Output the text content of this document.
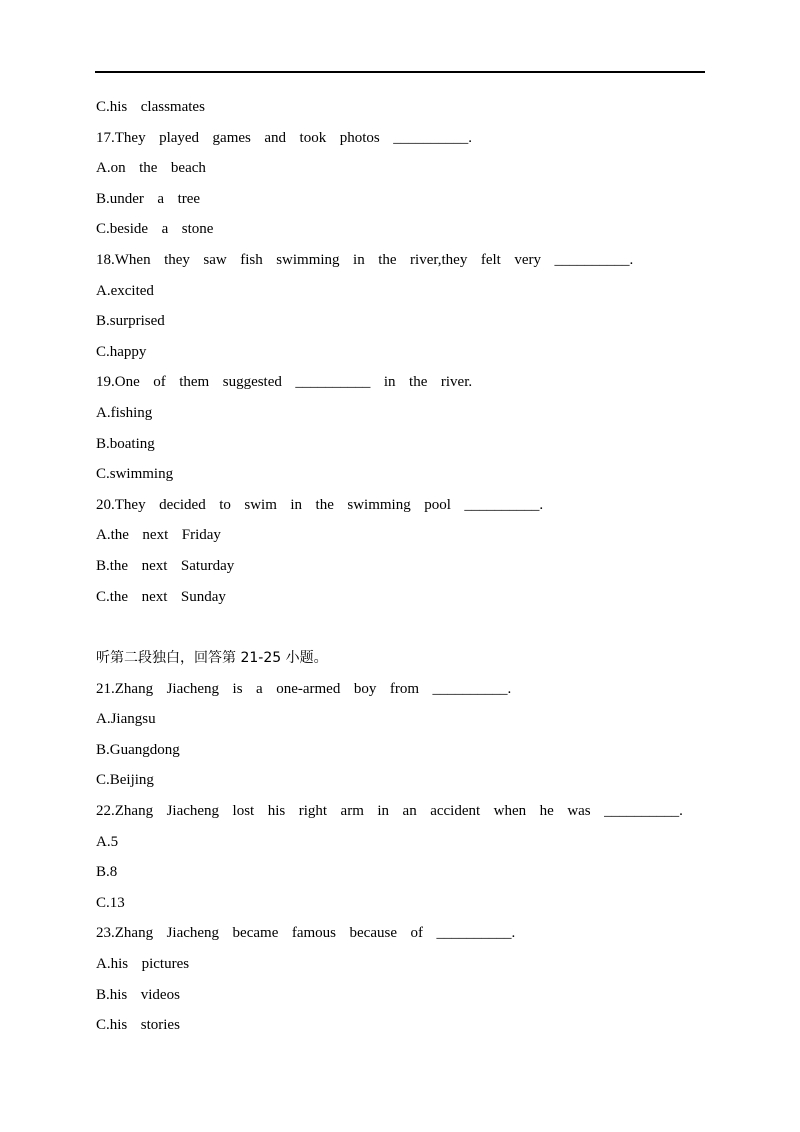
C.his  classmates
17.They  played  games  and  took  photos  __________.
A.on  the  beach
B.under  a  tree
C.beside  a  stone
18.When  they  saw  fish  swimming  in  the  river,they  felt  very  __________.
A.excited
B.surprised
C.happy
19.One  of  them  suggested  __________  in  the  river.
A.fishing
B.boating
C.swimming
20.They  decided  to  swim  in  the  swimming  pool  __________.
A.the  next  Friday
B.the  next  Saturday
C.the  next  Sunday
听第二段独白，回答第 21-25 小题。
21.Zhang  Jiacheng  is  a  one-armed  boy  from  __________.
A.Jiangsu
B.Guangdong
C.Beijing
22.Zhang  Jiacheng  lost  his  right  arm  in  an  accident  when  he  was  __________.
A.5
B.8
C.13
23.Zhang  Jiacheng  became  famous  because  of  __________.
A.his  pictures
B.his  videos
C.his  stories
